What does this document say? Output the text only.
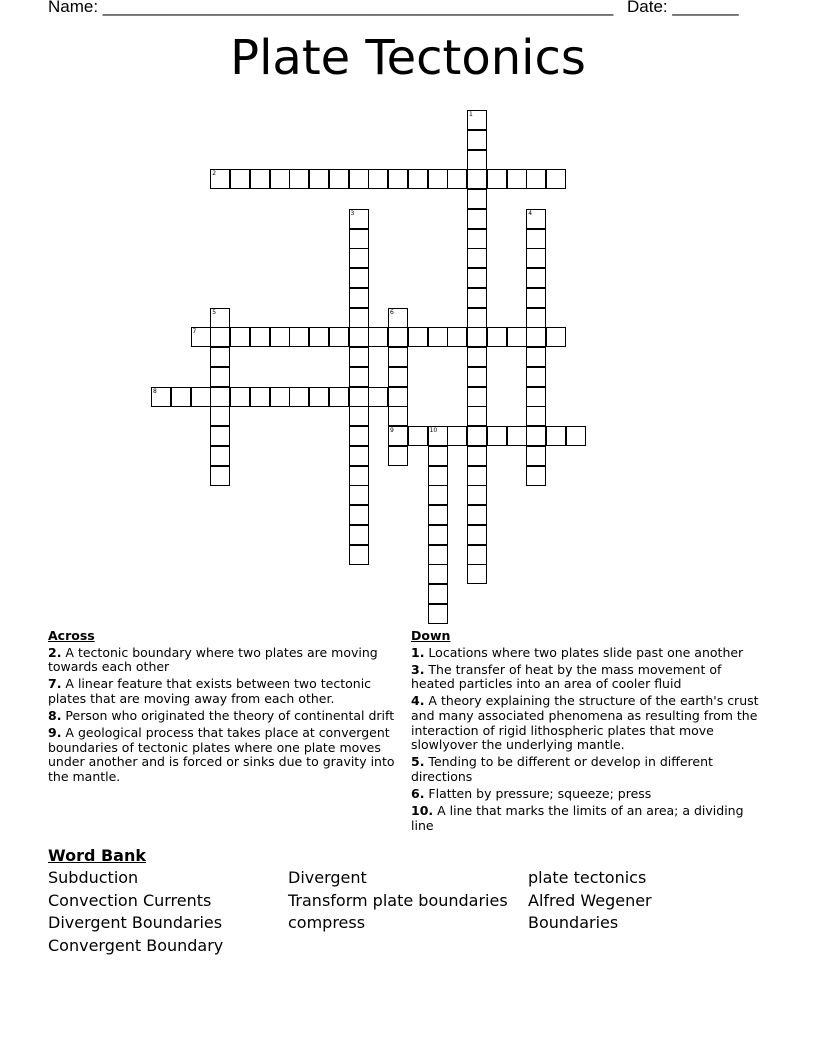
Name: ______________________________________________________ Date: _______
Plate Tectonics
1
2
3	4
5	6
9
7
8
10
Across
2. A tectonic boundary where two plates are moving towards each other
7. A linear feature that exists between two tectonic plates that are moving away from each other.
8. Person who originated the theory of continental drift
9. A geological process that takes place at convergent boundaries of tectonic plates where one plate moves under another and is forced or sinks due to gravity into the mantle.
Down
1. Locations where two plates slide past one another
3. The transfer of heat by the mass movement of heated particles into an area of cooler fluid
4. A theory explaining the structure of the earth's crust and many associated phenomena as resulting from the interaction of rigid lithospheric plates that move slowlyover the underlying mantle.
5. Tending to be different or develop in different directions
6. Flatten by pressure; squeeze; press
10. A line that marks the limits of an area; a dividing line
Word Bank
Subduction
Convection Currents
Divergent Boundaries
Convergent Boundary
Divergent
Transform plate boundaries
compress
plate tectonics
Alfred Wegener
Boundaries
